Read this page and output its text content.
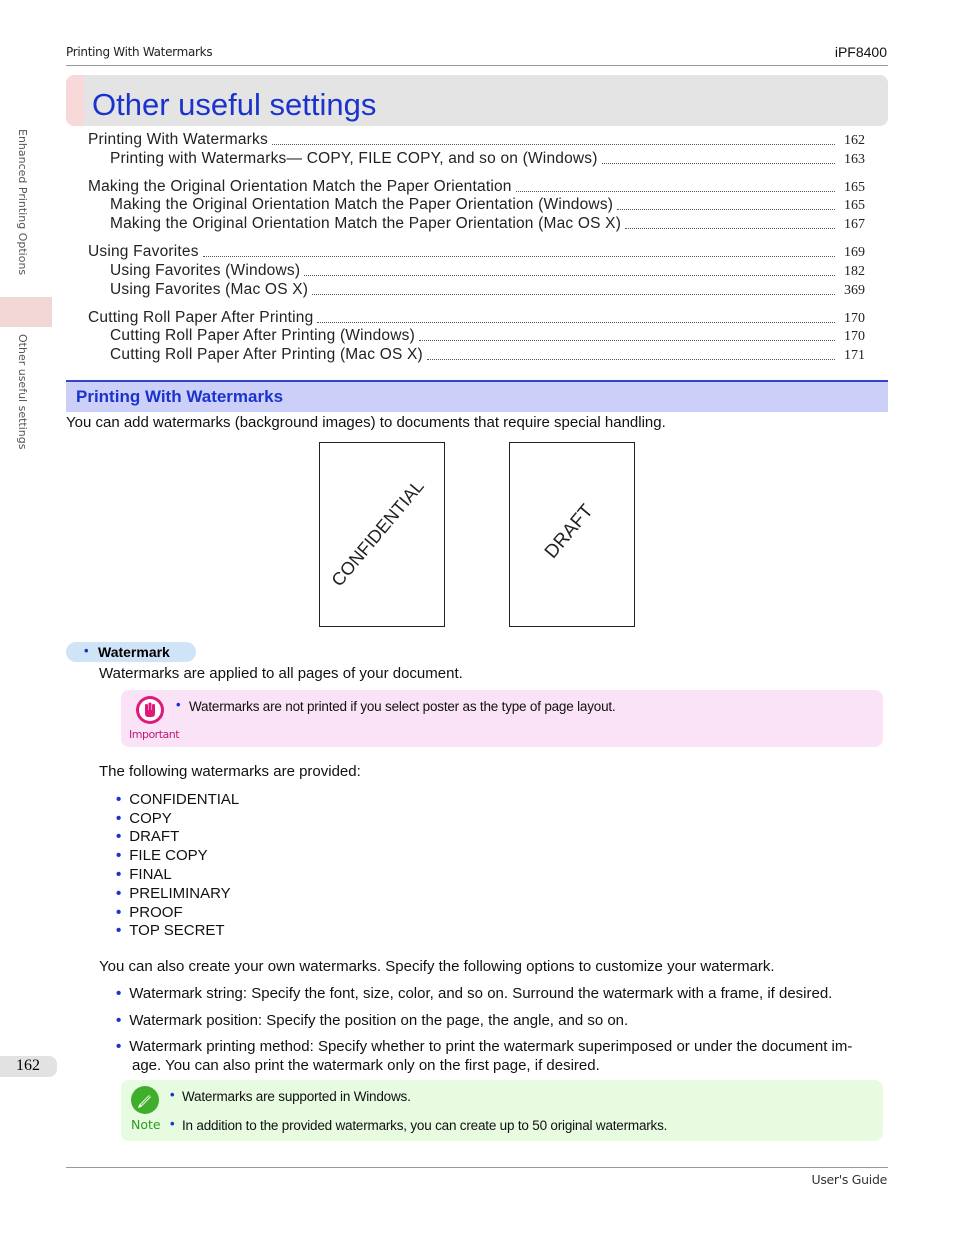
Printing With Watermarks	iPF8400
Other useful settings
Enhanced Printing Options
Other useful settings
Printing With Watermarks	162
Printing with Watermarks— COPY, FILE COPY, and so on (Windows)	163
Making the Original Orientation Match the Paper Orientation	165
Making the Original Orientation Match the Paper Orientation (Windows)	165
Making the Original Orientation Match the Paper Orientation (Mac OS X)	167
Using Favorites	169
Using Favorites (Windows)	182
Using Favorites (Mac OS X)	369
Cutting Roll Paper After Printing	170
Cutting Roll Paper After Printing (Windows)	170
Cutting Roll Paper After Printing (Mac OS X)	171
Printing With Watermarks
You can add watermarks (background images) to documents that require special handling.
CONFIDENTIAL	DRAFT
• Watermark
Watermarks are applied to all pages of your document.
Important
• Watermarks are not printed if you select poster as the type of page layout.
The following watermarks are provided:
• CONFIDENTIAL
• COPY
• DRAFT
• FILE COPY
• FINAL
• PRELIMINARY
• PROOF
• TOP SECRET
You can also create your own watermarks. Specify the following options to customize your watermark.
• Watermark string: Specify the font, size, color, and so on. Surround the watermark with a frame, if desired.
• Watermark position: Specify the position on the page, the angle, and so on.
• Watermark printing method: Specify whether to print the watermark superimposed or under the document im-
age. You can also print the watermark only on the first page, if desired.
162
Note
• Watermarks are supported in Windows.
• In addition to the provided watermarks, you can create up to 50 original watermarks.
User's Guide
